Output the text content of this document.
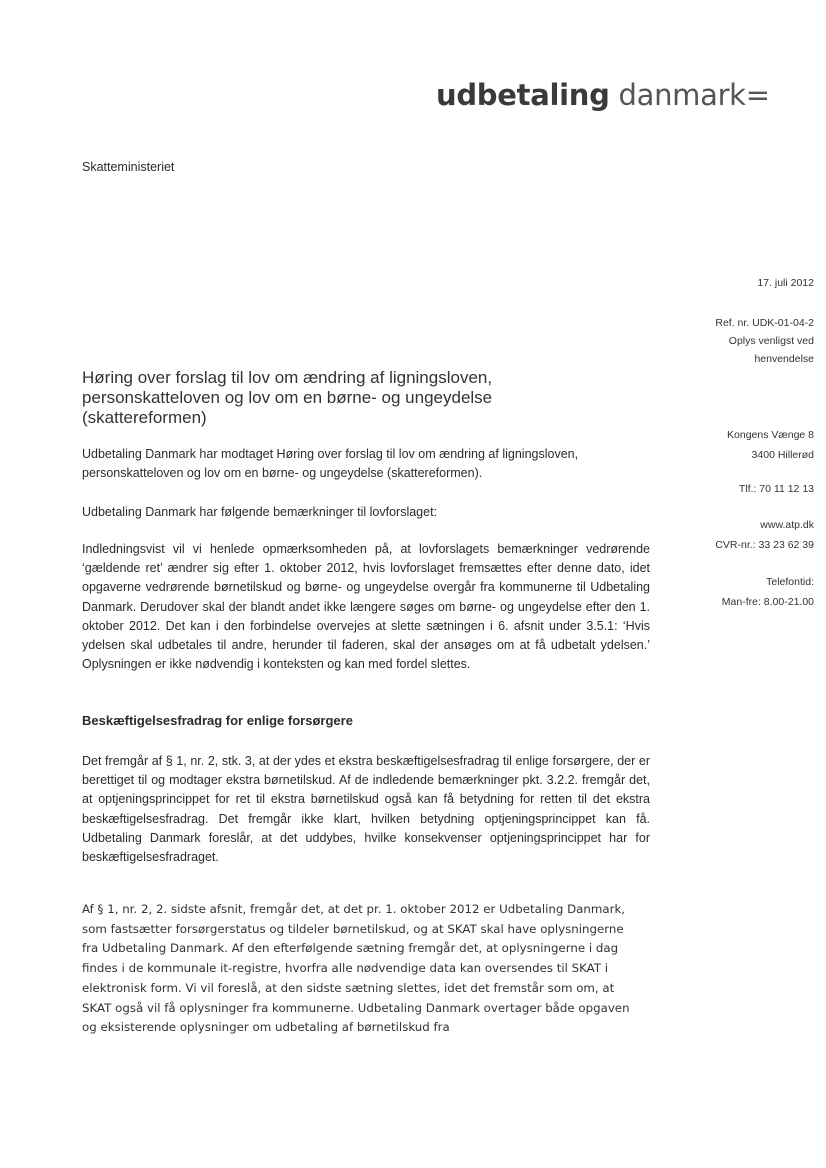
udbetaling danmark=
Skatteministeriet
17. juli 2012
Ref. nr. UDK-01-04-2
Oplys venligst ved
henvendelse
Kongens Vænge 8
3400 Hillerød
Tlf.: 70 11 12 13
www.atp.dk
CVR-nr.: 33 23 62 39
Telefontid:
Man-fre: 8.00-21.00
Høring over forslag til lov om ændring af ligningsloven, personskatteloven og lov om en børne- og ungeydelse (skattereformen)
Udbetaling Danmark har modtaget Høring over forslag til lov om ændring af ligningsloven, personskatteloven og lov om en børne- og ungeydelse (skattereformen).
Udbetaling Danmark har følgende bemærkninger til lovforslaget:
Indledningsvist vil vi henlede opmærksomheden på, at lovforslagets bemærkninger vedrørende ‘gældende ret’ ændrer sig efter 1. oktober 2012, hvis lovforslaget fremsættes efter denne dato, idet opgaverne vedrørende børnetilskud og børne- og ungeydelse overgår fra kommunerne til Udbetaling Danmark. Derudover skal der blandt andet ikke længere søges om børne- og ungeydelse efter den 1. oktober 2012. Det kan i den forbindelse overvejes at slette sætningen i 6. afsnit under 3.5.1: ‘Hvis ydelsen skal udbetales til andre, herunder til faderen, skal der ansøges om at få udbetalt ydelsen.’ Oplysningen er ikke nødvendig i konteksten og kan med fordel slettes.
Beskæftigelsesfradrag for enlige forsørgere
Det fremgår af § 1, nr. 2, stk. 3, at der ydes et ekstra beskæftigelsesfradrag til enlige forsørgere, der er berettiget til og modtager ekstra børnetilskud. Af de indledende bemærkninger pkt. 3.2.2. fremgår det, at optjeningsprincippet for ret til ekstra børnetilskud også kan få betydning for retten til det ekstra beskæftigelsesfradrag. Det fremgår ikke klart, hvilken betydning optjeningsprincippet kan få. Udbetaling Danmark foreslår, at det uddybes, hvilke konsekvenser optjeningsprincippet har for beskæftigelsesfradraget.
Af § 1, nr. 2, 2. sidste afsnit, fremgår det, at det pr. 1. oktober 2012 er Udbetaling Danmark, som fastsætter forsørgerstatus og tildeler børnetilskud, og at SKAT skal have oplysningerne fra Udbetaling Danmark. Af den efterfølgende sætning fremgår det, at oplysningerne i dag findes i de kommunale it-registre, hvorfra alle nødvendige data kan oversendes til SKAT i elektronisk form. Vi vil foreslå, at den sidste sætning slettes, idet det fremstår som om, at SKAT også vil få oplysninger fra kommunerne. Udbetaling Danmark overtager både opgaven og eksisterende oplysninger om udbetaling af børnetilskud fra
